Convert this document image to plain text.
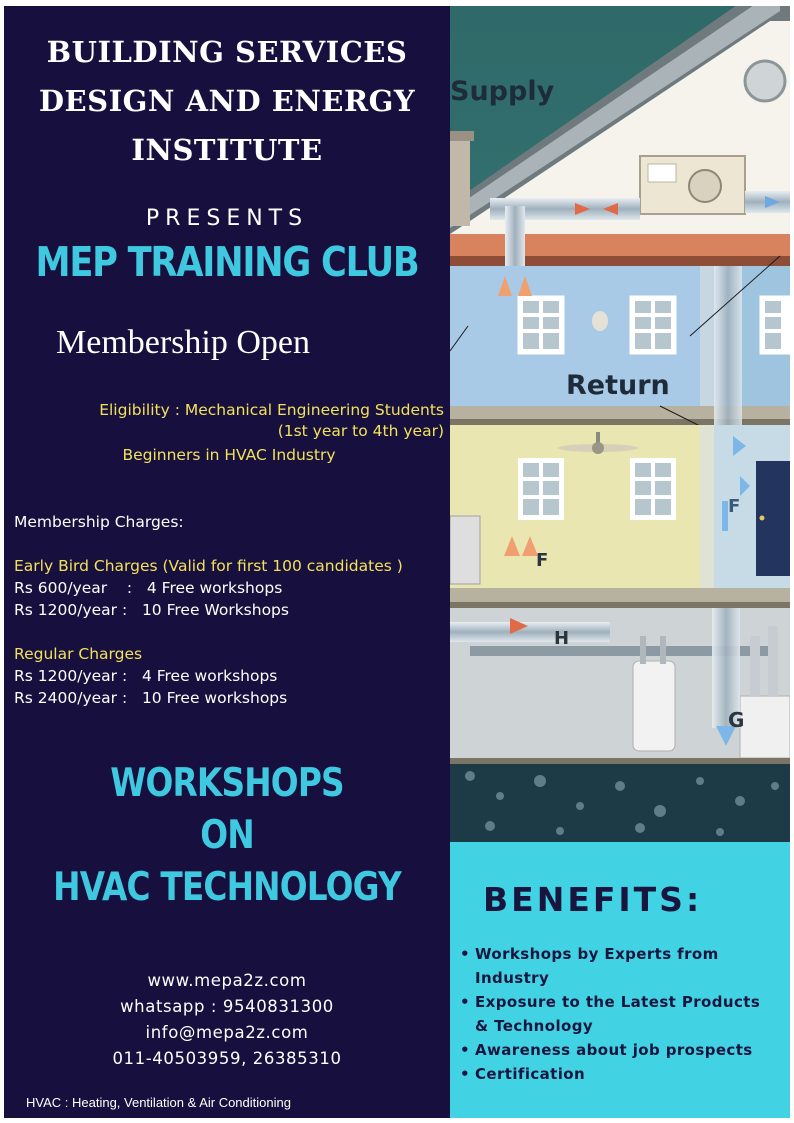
BUILDING SERVICES
DESIGN AND ENERGY
INSTITUTE
PRESENTS
MEP TRAINING CLUB
Membership Open
Eligibility : Mechanical Engineering Students
(1st year to 4th year)
Beginners in HVAC Industry
Membership Charges:
Early Bird Charges (Valid for first 100 candidates )
Rs 600/year    :   4 Free workshops
Rs 1200/year :   10 Free Workshops
Regular Charges
Rs 1200/year :   4 Free workshops
Rs 2400/year :   10 Free workshops
WORKSHOPS
ON
HVAC TECHNOLOGY
www.mepa2z.com
whatsapp : 9540831300
info@mepa2z.com
011-40503959, 26385310
HVAC : Heating, Ventilation & Air Conditioning
Supply
Return
F
F
H
G
BENEFITS:
• Workshops by Experts from
Industry
• Exposure to the Latest Products
& Technology
• Awareness about job prospects
• Certification
